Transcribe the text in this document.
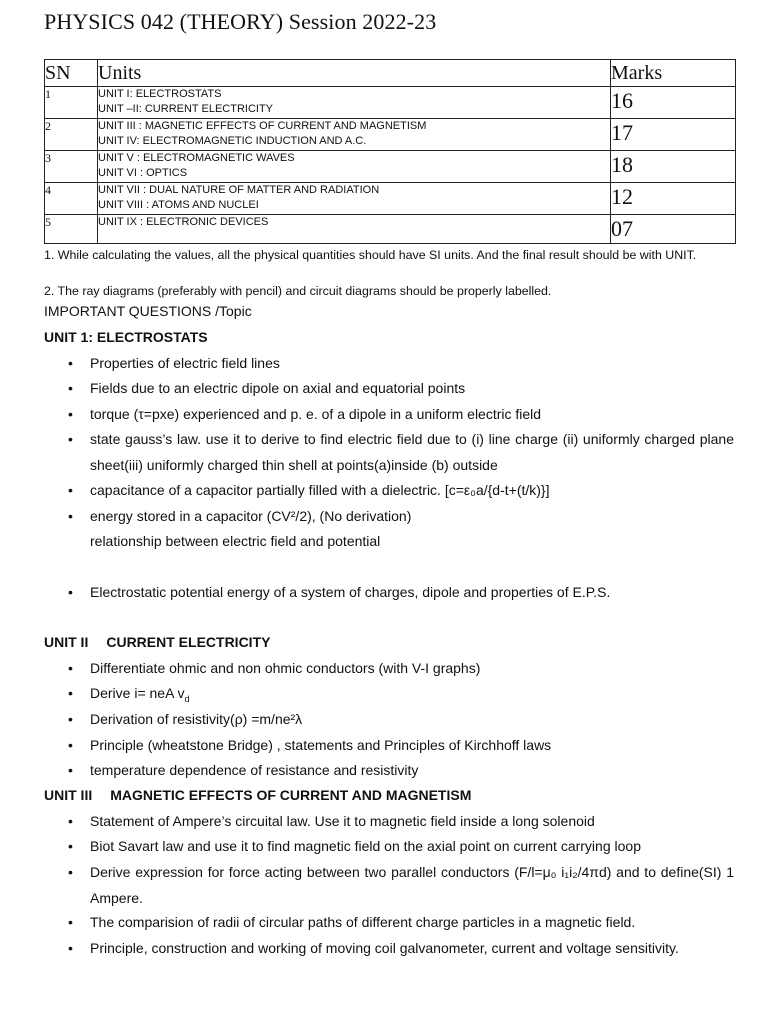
PHYSICS 042 (THEORY) Session 2022-23
SN	Units	Marks
1	UNIT I: ELECTROSTATS
UNIT –II: CURRENT ELECTRICITY	16
2	UNIT III : MAGNETIC EFFECTS OF CURRENT AND MAGNETISM
UNIT IV: ELECTROMAGNETIC INDUCTION AND A.C.	17
3	UNIT V : ELECTROMAGNETIC WAVES
UNIT VI : OPTICS	18
4	UNIT VII : DUAL NATURE OF MATTER AND RADIATION
UNIT VIII : ATOMS AND NUCLEI	12
5	UNIT IX : ELECTRONIC DEVICES	07
1. While calculating the values, all the physical quantities should have SI units. And the final result should be with UNIT.
2. The ray diagrams (preferably with pencil) and circuit diagrams should be properly labelled.
IMPORTANT QUESTIONS /Topic
UNIT 1: ELECTROSTATS
•	Properties of electric field lines
•	Fields due to an electric dipole on axial and equatorial points
•	torque (τ=pxe) experienced and p. e. of a dipole in a uniform electric field
•	state gauss’s law. use it to derive to find electric field due to (i) line charge (ii) uniformly charged plane sheet(iii) uniformly charged thin shell at points(a)inside (b) outside
•	capacitance of a capacitor partially filled with a dielectric. [c=ε₀a/{d-t+(t/k)}]
•	energy stored in a capacitor (CV²/2), (No derivation)
relationship between electric field and potential
•	Electrostatic potential energy of a system of charges, dipole and properties of E.P.S.
UNIT II CURRENT ELECTRICITY
•	Differentiate ohmic and non ohmic conductors (with V-I graphs)
•	Derive i= neA $v_d$
•	Derivation of resistivity(ρ) =m/ne²λ
•	Principle (wheatstone Bridge) , statements and Principles of Kirchhoff laws
•	temperature dependence of resistance and resistivity
UNIT III MAGNETIC EFFECTS OF CURRENT AND MAGNETISM
•	Statement of Ampere’s circuital law. Use it to magnetic field inside a long solenoid
•	Biot Savart law and use it to find magnetic field on the axial point on current carrying loop
•	Derive expression for force acting between two parallel conductors (F/l=μ₀ i₁i₂/4πd) and to define(SI) 1 Ampere.
•	The comparision of radii of circular paths of different charge particles in a magnetic field.
•	Principle, construction and working of moving coil galvanometer, current and voltage sensitivity.
